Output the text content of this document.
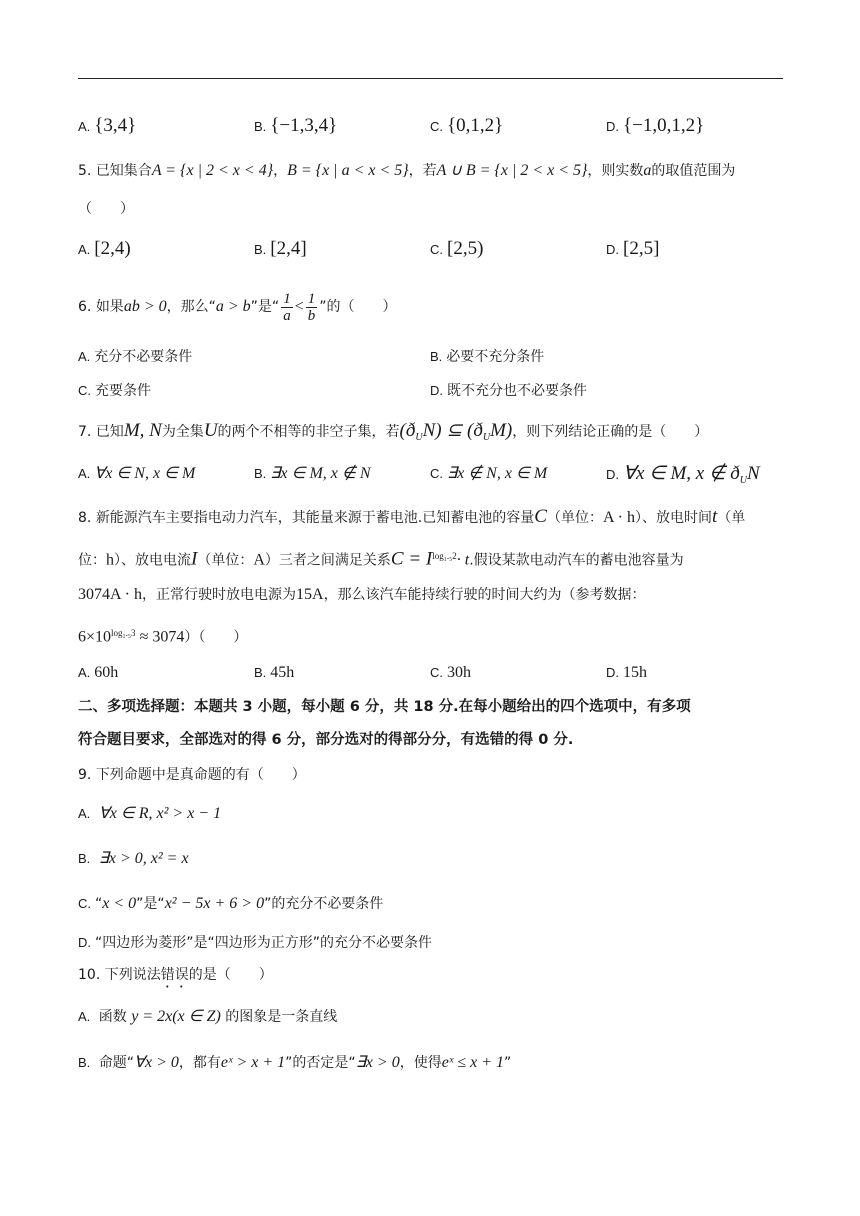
A. {3,4}	B. {−1,3,4}	C. {0,1,2}	D. {−1,0,1,2}
5. 已知集合A = {x | 2 < x < 4}，B = {x | a < x < 5}，若A ∪ B = {x | 2 < x < 5}，则实数a的取值范围为
（　　）
A. [2,4)	B. [2,4]	C. [2,5)	D. [2,5]
6. 如果ab > 0，那么“a > b”是“ $\frac{1}{a} < \frac{1}{b}$ ”的（　　）
A. 充分不必要条件	B. 必要不充分条件
C. 充要条件	D. 既不充分也不必要条件
7. 已知M, N为全集U的两个不相等的非空子集，若$(ð_UN)$ ⊆ $(ð_UM)$，则下列结论正确的是（　　）
A. ∀x ∈ N, x ∈ M	B. ∃x ∈ M, x ∉ N	C. ∃x ∉ N, x ∈ M	D. ∀x ∈ M, x ∉ $ð_UN$
8. 新能源汽车主要指电动力汽车，其能量来源于蓄电池.已知蓄电池的容量C（单位：A · h）、放电时间t（单
位：h）、放电电流I（单位：A）三者之间满足关系$C = I^{log_1._52}\cdot t$.假设某款电动汽车的蓄电池容量为
3074A · h，正常行驶时放电电源为15A，那么该汽车能持续行驶的时间大约为（参考数据：
$6\times 10^{log_1._53} \approx 3074$）（　　）
A. 60h	B. 45h	C. 30h	D. 15h
二、多项选择题：本题共 3 小题，每小题 6 分，共 18 分.在每小题给出的四个选项中，有多项
符合题目要求，全部选对的得 6 分，部分选对的得部分分，有选错的得 0 分.
9. 下列命题中是真命题的有（　　）
A. ∀x ∈ R, x² > x − 1
B. ∃x > 0, x² = x
C. “x < 0”是“x² − 5x + 6 > 0”的充分不必要条件
D. “四边形为菱形”是“四边形为正方形”的充分不必要条件
10. 下列说法错误的是（　　）
A. 函数 y = 2x(x ∈ Z) 的图象是一条直线
B. 命题“∀x > 0，都有eˣ > x + 1”的否定是“∃x > 0，使得eˣ ≤ x + 1”
